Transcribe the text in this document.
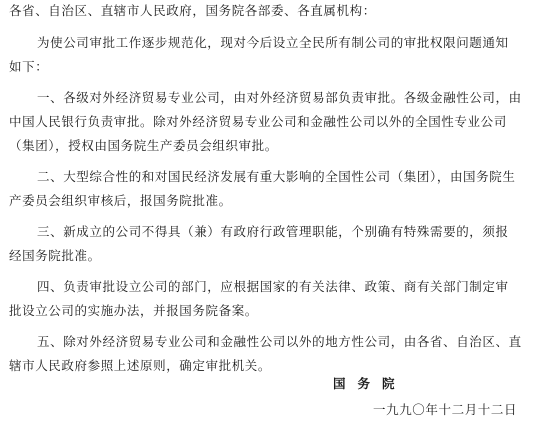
各省、自治区、直辖市人民政府，国务院各部委、各直属机构：
为使公司审批工作逐步规范化，现对今后设立全民所有制公司的审批权限问题通知
如下：
一、各级对外经济贸易专业公司，由对外经济贸易部负责审批。各级金融性公司，由
中国人民银行负责审批。除对外经济贸易专业公司和金融性公司以外的全国性专业公司
（集团），授权由国务院生产委员会组织审批。
二、大型综合性的和对国民经济发展有重大影响的全国性公司（集团），由国务院生
产委员会组织审核后，报国务院批准。
三、新成立的公司不得具（兼）有政府行政管理职能，个别确有特殊需要的，须报
经国务院批准。
四、负责审批设立公司的部门，应根据国家的有关法律、政策、商有关部门制定审
批设立公司的实施办法，并报国务院备案。
五、除对外经济贸易专业公司和金融性公司以外的地方性公司，由各省、自治区、直
辖市人民政府参照上述原则，确定审批机关。
国务院
一九九〇年十二月十二日
